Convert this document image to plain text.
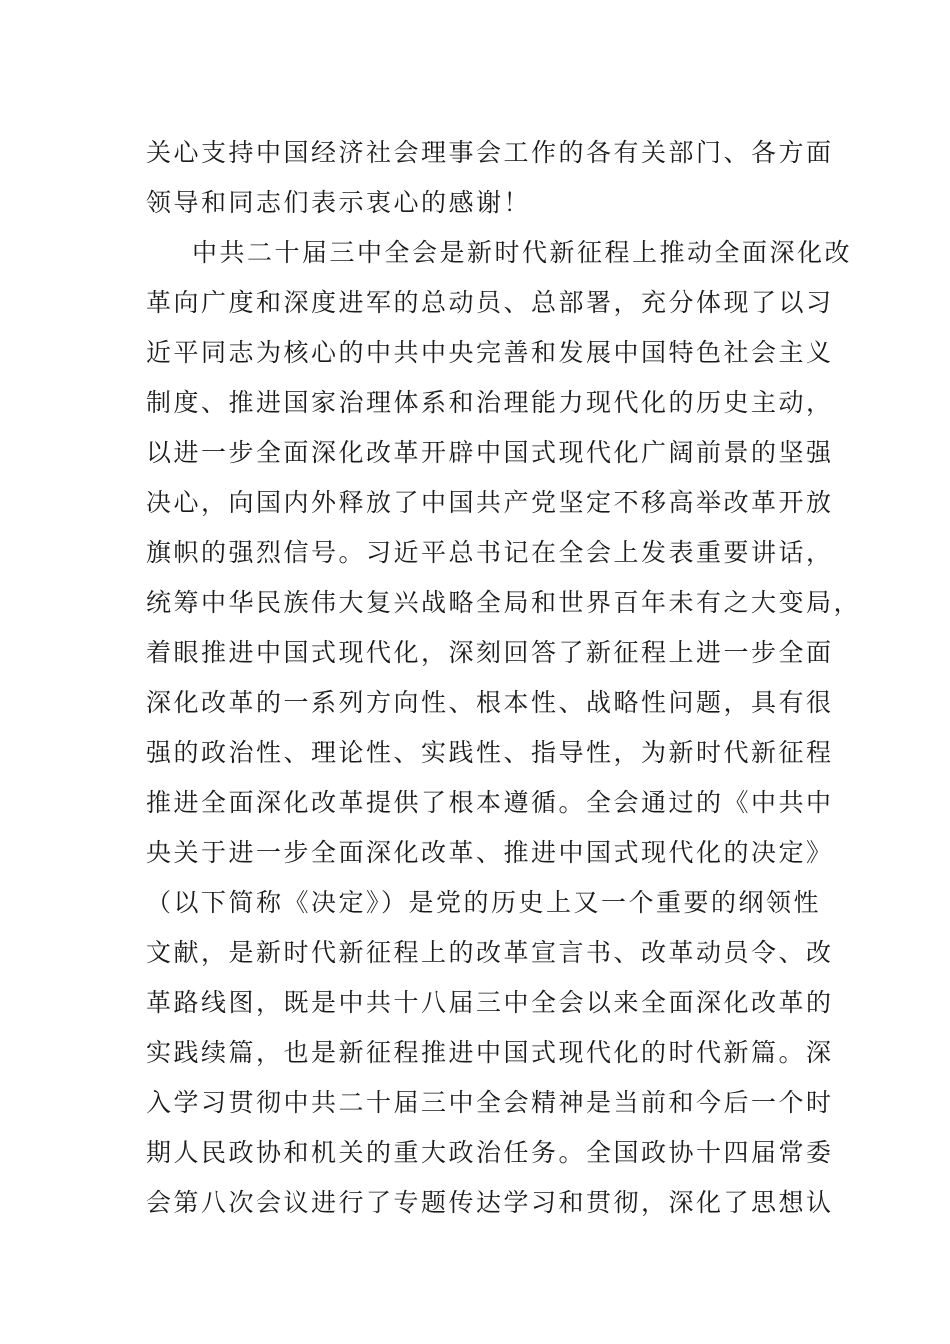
关心支持中国经济社会理事会工作的各有关部门、各方面
领导和同志们表示衷心的感谢！
中共二十届三中全会是新时代新征程上推动全面深化改
革向广度和深度进军的总动员、总部署，充分体现了以习
近平同志为核心的中共中央完善和发展中国特色社会主义
制度、推进国家治理体系和治理能力现代化的历史主动，
以进一步全面深化改革开辟中国式现代化广阔前景的坚强
决心，向国内外释放了中国共产党坚定不移高举改革开放
旗帜的强烈信号。习近平总书记在全会上发表重要讲话，
统筹中华民族伟大复兴战略全局和世界百年未有之大变局，
着眼推进中国式现代化，深刻回答了新征程上进一步全面
深化改革的一系列方向性、根本性、战略性问题，具有很
强的政治性、理论性、实践性、指导性，为新时代新征程
推进全面深化改革提供了根本遵循。全会通过的《中共中
央关于进一步全面深化改革、推进中国式现代化的决定》
（以下简称《决定》）是党的历史上又一个重要的纲领性
文献，是新时代新征程上的改革宣言书、改革动员令、改
革路线图，既是中共十八届三中全会以来全面深化改革的
实践续篇，也是新征程推进中国式现代化的时代新篇。深
入学习贯彻中共二十届三中全会精神是当前和今后一个时
期人民政协和机关的重大政治任务。全国政协十四届常委
会第八次会议进行了专题传达学习和贯彻，深化了思想认
